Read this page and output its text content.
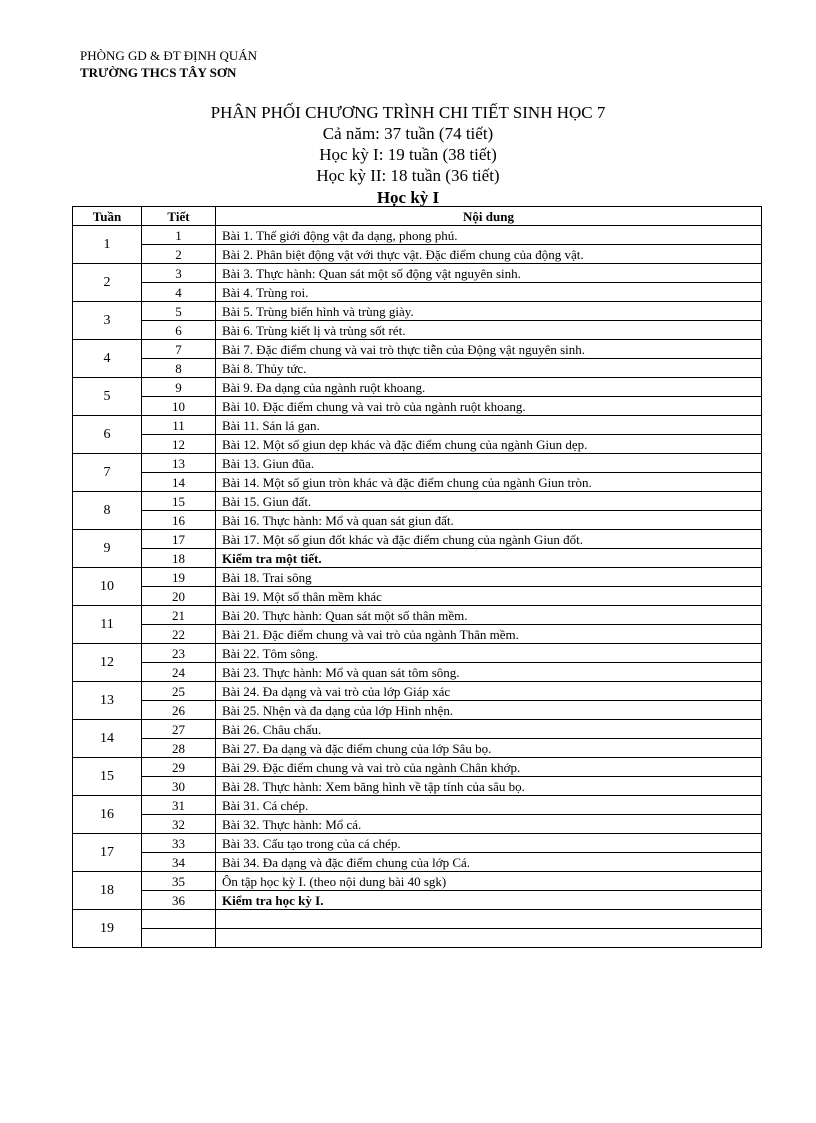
PHÒNG GD & ĐT ĐỊNH QUÁN
TRƯỜNG THCS TÂY SƠN
PHÂN PHỐI CHƯƠNG TRÌNH CHI TIẾT SINH HỌC 7
Cả năm: 37 tuần (74 tiết)
Học kỳ I: 19 tuần (38 tiết)
Học kỳ II: 18 tuần (36 tiết)
Học kỳ I
Tuần	Tiết	Nội dung
1	1	Bài 1. Thế giới động vật đa dạng, phong phú.
	2	Bài 2. Phân biệt động vật với thực vật. Đặc điểm chung của động vật.
2	3	Bài 3. Thực hành: Quan sát một số động vật nguyên sinh.
	4	Bài 4. Trùng roi.
3	5	Bài 5. Trùng biến hình và trùng giày.
	6	Bài 6. Trùng kiết lị và trùng sốt rét.
4	7	Bài 7. Đặc điểm chung và vai trò thực tiễn của Động vật nguyên sinh.
	8	Bài 8. Thủy tức.
5	9	Bài 9. Đa dạng của ngành ruột khoang.
	10	Bài 10. Đặc điểm chung và vai trò của ngành ruột khoang.
6	11	Bài 11. Sán lá gan.
	12	Bài 12. Một số giun dẹp khác và đặc điểm chung của ngành Giun dẹp.
7	13	Bài 13. Giun đũa.
	14	Bài 14. Một số giun tròn khác và đặc điểm chung của ngành Giun tròn.
8	15	Bài 15. Giun đất.
	16	Bài 16. Thực hành: Mổ và quan sát giun đất.
9	17	Bài 17. Một số giun đốt khác và đặc điểm chung của ngành Giun đốt.
	18	Kiểm tra một tiết.
10	19	Bài 18. Trai sông
	20	Bài 19. Một số thân mềm khác
11	21	Bài 20. Thực hành: Quan sát một số thân mềm.
	22	Bài 21. Đặc điểm chung và vai trò của ngành Thân mềm.
12	23	Bài 22. Tôm sông.
	24	Bài 23. Thực hành: Mổ và quan sát tôm sông.
13	25	Bài 24. Đa dạng và vai trò của lớp Giáp xác
	26	Bài 25. Nhện và đa dạng của lớp Hình nhện.
14	27	Bài 26. Châu chấu.
	28	Bài 27. Đa dạng và đặc điểm chung của lớp Sâu bọ.
15	29	Bài 29. Đặc điểm chung và vai trò của ngành Chân khớp.
	30	Bài 28. Thực hành: Xem băng hình về tập tính của sâu bọ.
16	31	Bài 31. Cá chép.
	32	Bài 32. Thực hành: Mổ cá.
17	33	Bài 33. Cấu tạo trong của cá chép.
	34	Bài 34. Đa dạng và đặc điểm chung của lớp Cá.
18	35	Ôn tập học kỳ I. (theo nội dung bài 40 sgk)
	36	Kiểm tra học kỳ I.
19		
